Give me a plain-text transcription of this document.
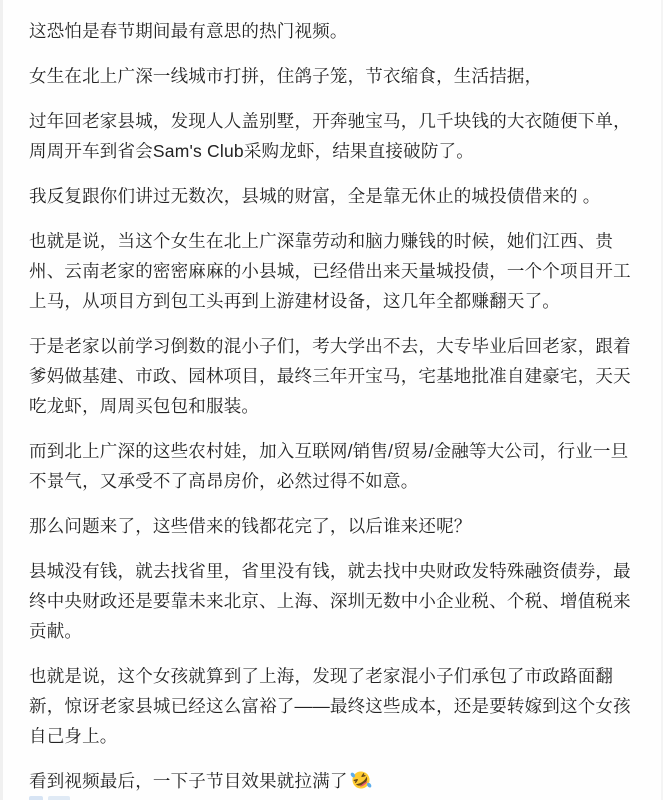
这恐怕是春节期间最有意思的热门视频。

女生在北上广深一线城市打拼，住鸽子笼，节衣缩食，生活拮据，

过年回老家县城，发现人人盖别墅，开奔驰宝马，几千块钱的大衣随便下单，周周开车到省会Sam's Club采购龙虾，结果直接破防了。

我反复跟你们讲过无数次，县城的财富，全是靠无休止的城投债借来的 。

也就是说，当这个女生在北上广深靠劳动和脑力赚钱的时候，她们江西、贵州、云南老家的密密麻麻的小县城，已经借出来天量城投债，一个个项目开工上马，从项目方到包工头再到上游建材设备，这几年全都赚翻天了。

于是老家以前学习倒数的混小子们，考大学出不去，大专毕业后回老家，跟着爹妈做基建、市政、园林项目，最终三年开宝马，宅基地批准自建豪宅，天天吃龙虾，周周买包包和服装。

而到北上广深的这些农村娃，加入互联网/销售/贸易/金融等大公司，行业一旦不景气，又承受不了高昂房价，必然过得不如意。

那么问题来了，这些借来的钱都花完了，以后谁来还呢？

县城没有钱，就去找省里，省里没有钱，就去找中央财政发特殊融资债券，最终中央财政还是要靠未来北京、上海、深圳无数中小企业税、个税、增值税来贡献。

也就是说，这个女孩就算到了上海，发现了老家混小子们承包了市政路面翻新，惊讶老家县城已经这么富裕了——最终这些成本，还是要转嫁到这个女孩自己身上。

看到视频最后，一下子节目效果就拉满了
